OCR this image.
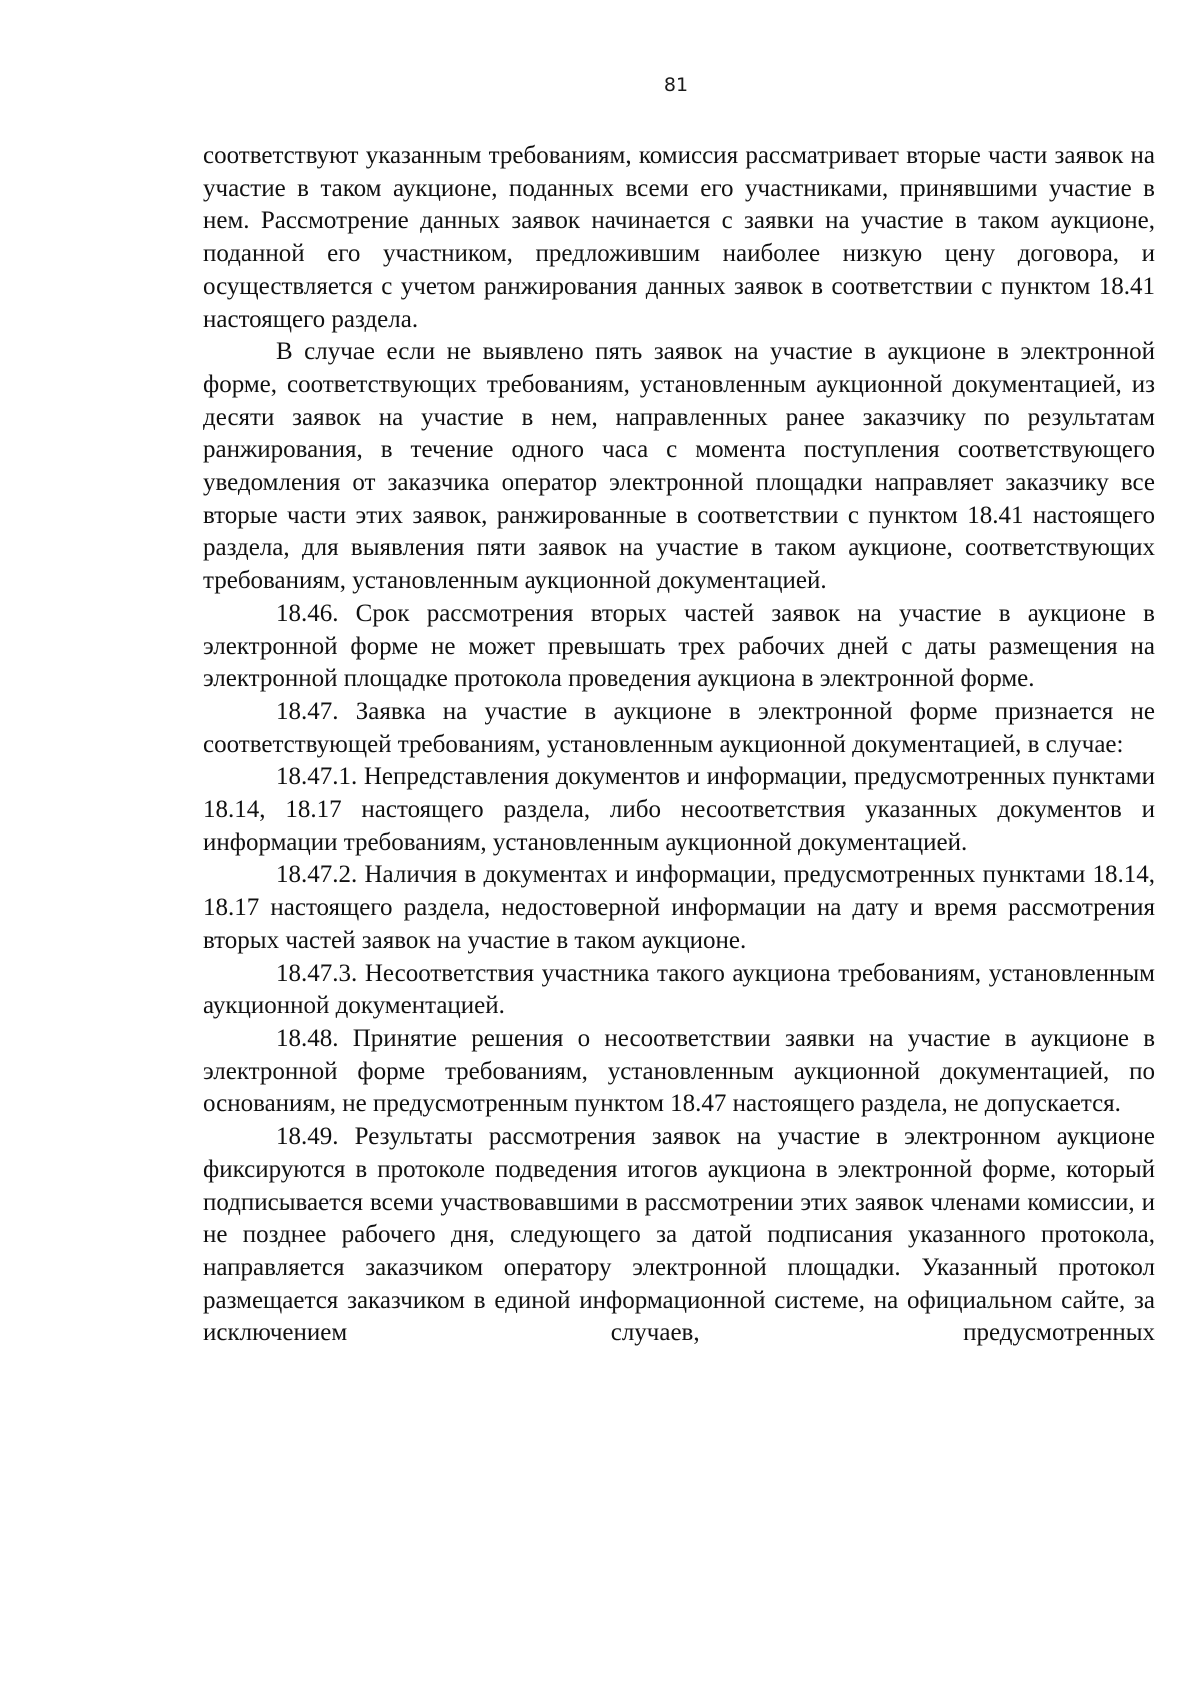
81

соответствуют указанным требованиям, комиссия рассматривает вторые части заявок на участие в таком аукционе, поданных всеми его участниками, принявшими участие в нем. Рассмотрение данных заявок начинается с заявки на участие в таком аукционе, поданной его участником, предложившим наиболее низкую цену договора, и осуществляется с учетом ранжирования данных заявок в соответствии с пунктом 18.41 настоящего раздела.

В случае если не выявлено пять заявок на участие в аукционе в электронной форме, соответствующих требованиям, установленным аукционной документацией, из десяти заявок на участие в нем, направленных ранее заказчику по результатам ранжирования, в течение одного часа с момента поступления соответствующего уведомления от заказчика оператор электронной площадки направляет заказчику все вторые части этих заявок, ранжированные в соответствии с пунктом 18.41 настоящего раздела, для выявления пяти заявок на участие в таком аукционе, соответствующих требованиям, установленным аукционной документацией.

18.46. Срок рассмотрения вторых частей заявок на участие в аукционе в электронной форме не может превышать трех рабочих дней с даты размещения на электронной площадке протокола проведения аукциона в электронной форме.

18.47. Заявка на участие в аукционе в электронной форме признается не соответствующей требованиям, установленным аукционной документацией, в случае:

18.47.1. Непредставления документов и информации, предусмотренных пунктами 18.14, 18.17 настоящего раздела, либо несоответствия указанных документов и информации требованиям, установленным аукционной документацией.

18.47.2. Наличия в документах и информации, предусмотренных пунктами 18.14, 18.17 настоящего раздела, недостоверной информации на дату и время рассмотрения вторых частей заявок на участие в таком аукционе.

18.47.3. Несоответствия участника такого аукциона требованиям, установленным аукционной документацией.

18.48. Принятие решения о несоответствии заявки на участие в аукционе в электронной форме требованиям, установленным аукционной документацией, по основаниям, не предусмотренным пунктом 18.47 настоящего раздела, не допускается.

18.49. Результаты рассмотрения заявок на участие в электронном аукционе фиксируются в протоколе подведения итогов аукциона в электронной форме, который подписывается всеми участвовавшими в рассмотрении этих заявок членами комиссии, и не позднее рабочего дня, следующего за датой подписания указанного протокола, направляется заказчиком оператору электронной площадки. Указанный протокол размещается заказчиком в единой информационной системе, на официальном сайте, за исключением случаев, предусмотренных
